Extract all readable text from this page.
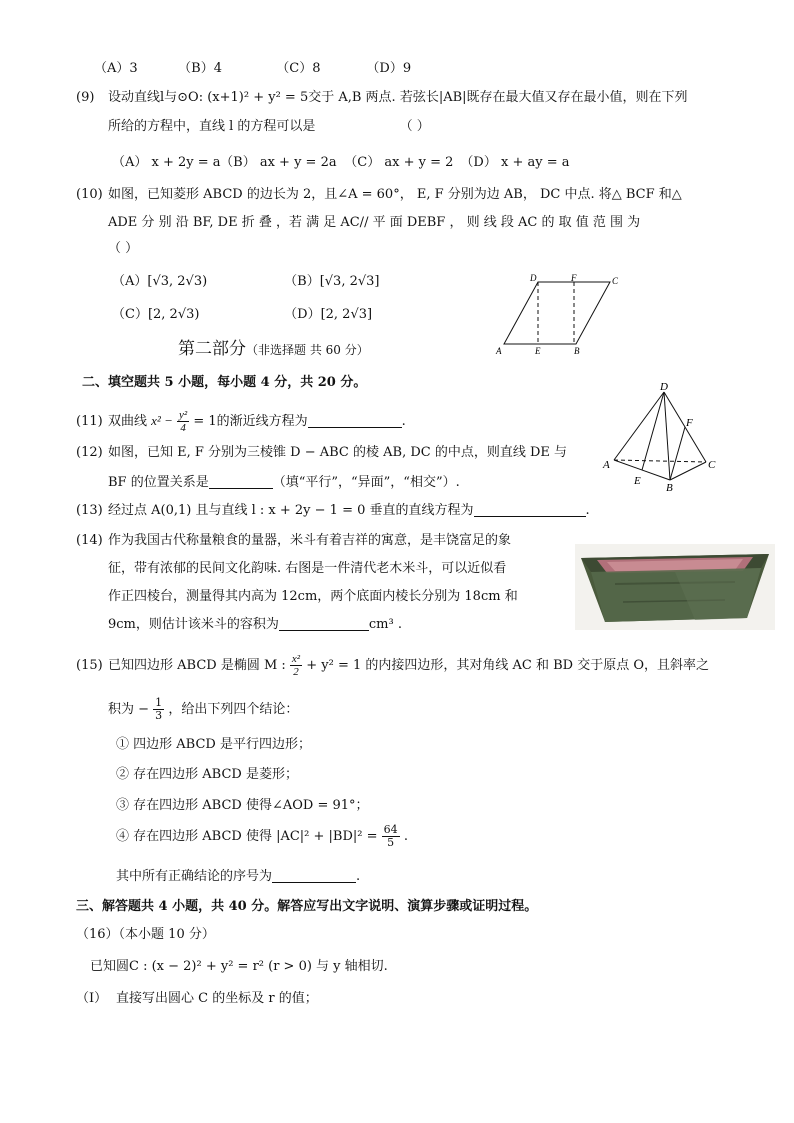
（A）3	（B）4	（C）8	（D）9
(9) 设动直线l与⊙O: (x+1)² + y² = 5交于 A,B 两点. 若弦长|AB|既存在最大值又存在最小值，则在下列
所给的方程中，直线 l 的方程可以是	（ ）
（A） x + 2y = a （B） ax + y = 2a （C） ax + y = 2 （D） x + ay = a
(10) 如图，已知菱形 ABCD 的边长为 2，且∠A = 60°， E, F 分别为边 AB， DC 中点. 将△ BCF 和△
ADE 分 别 沿 BF, DE 折 叠 ，若 满 足 AC// 平 面 DEBF ， 则 线 段 AC 的 取 值 范 围 为
（ ）
（A）[√3, 2√3)	（B）[√3, 2√3]
（C）[2, 2√3)	（D）[2, 2√3]
D	F	C
A	E	B
第二部分（非选择题 共 60 分）
二、填空题共 5 小题，每小题 4 分，共 20 分。
(11) 双曲线 $x^2 - \frac{\text{y²}}{4} = 1$的渐近线方程为	.
(12) 如图，已知 E, F 分别为三棱锥 D − ABC 的棱 AB, DC 的中点，则直线 DE 与
BF 的位置关系是	（填“平行”，“异面”，“相交”）.
D
F
A	C
E
B
(13) 经过点 A(0,1) 且与直线 l : x + 2y − 1 = 0 垂直的直线方程为	.
(14) 作为我国古代称量粮食的量器，米斗有着吉祥的寓意，是丰饶富足的象
征，带有浓郁的民间文化韵味. 右图是一件清代老木米斗，可以近似看
作正四棱台，测量得其内高为 12cm，两个底面内棱长分别为 18cm 和
9cm，则估计该米斗的容积为	cm³ .
(15) 已知四边形 ABCD 是椭圆 M : $\frac{\text{x²}}{2} + y^2 = 1$ 的内接四边形，其对角线 AC 和 BD 交于原点 O，且斜率之
积为 − $\frac{1}{3}$ ，给出下列四个结论：
① 四边形 ABCD 是平行四边形；
② 存在四边形 ABCD 是菱形；
③ 存在四边形 ABCD 使得∠AOD = 91°；
④ 存在四边形 ABCD 使得 $|AC|^2 + |BD|^2 = \frac{64}{5}$ .
其中所有正确结论的序号为	.
三、解答题共 4 小题，共 40 分。解答应写出文字说明、演算步骤或证明过程。
（16）（本小题 10 分）
已知圆C : (x − 2)² + y² = r² (r > 0) 与 y 轴相切.
（I） 直接写出圆心 C 的坐标及 r 的值；
